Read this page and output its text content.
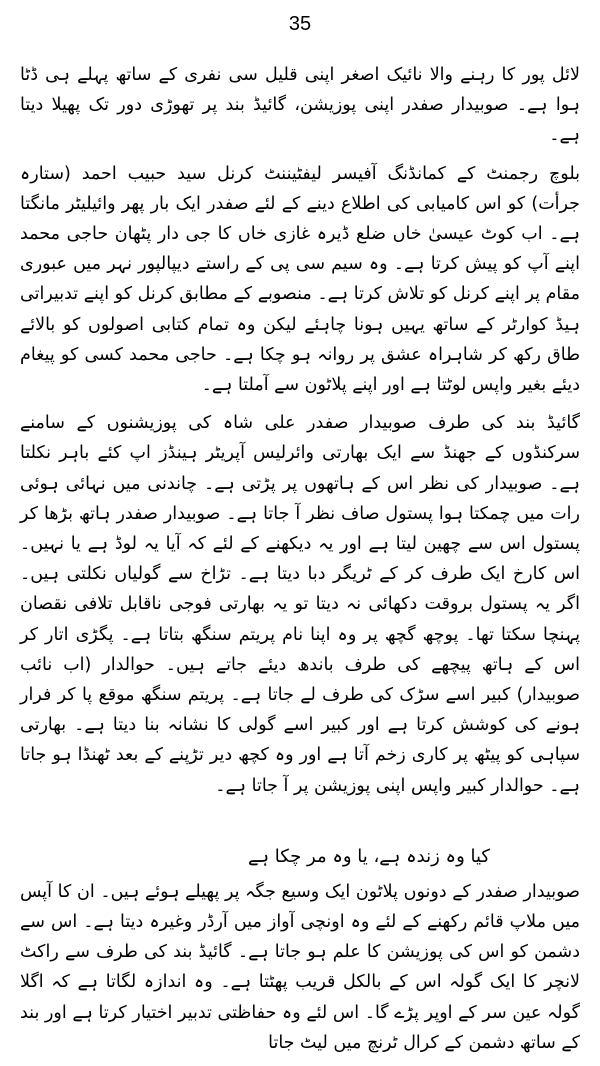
35

لائل پور کا رہنے والا نائیک اصغر اپنی قلیل سی نفری کے ساتھ پہلے ہی ڈٹا ہوا ہے۔ صوبیدار صفدر اپنی پوزیشن، گائیڈ بند پر تھوڑی دور تک پھیلا دیتا ہے۔

بلوچ رجمنٹ کے کمانڈنگ آفیسر لیفٹیننٹ کرنل سید حبیب احمد (ستارہ جرأت) کو اس کامیابی کی اطلاع دینے کے لئے صفدر ایک بار پھر وائیلیٹر مانگتا ہے۔ اب کوٹ عیسیٰ خاں ضلع ڈیرہ غازی خاں کا جی دار پٹھان حاجی محمد اپنے آپ کو پیش کرتا ہے۔ وہ سیم سی پی کے راستے دیپالپور نہر میں عبوری مقام پر اپنے کرنل کو تلاش کرتا ہے۔ منصوبے کے مطابق کرنل کو اپنے تدبیراتی ہیڈ کوارٹر کے ساتھ یہیں ہونا چاہئے لیکن وہ تمام کتابی اصولوں کو بالائے طاق رکھ کر شاہراہ عشق پر روانہ ہو چکا ہے۔ حاجی محمد کسی کو پیغام دیئے بغیر واپس لوٹتا ہے اور اپنے پلاٹون سے آملتا ہے۔

گائیڈ بند کی طرف صوبیدار صفدر علی شاہ کی پوزیشنوں کے سامنے سرکنڈوں کے جھنڈ سے ایک بھارتی وائرلیس آپریٹر ہینڈز اپ کئے باہر نکلتا ہے۔ صوبیدار کی نظر اس کے ہاتھوں پر پڑتی ہے۔ چاندنی میں نہائی ہوئی رات میں چمکتا ہوا پستول صاف نظر آ جاتا ہے۔ صوبیدار صفدر ہاتھ بڑھا کر پستول اس سے چھین لیتا ہے اور یہ دیکھنے کے لئے کہ آیا یہ لوڈ ہے یا نہیں۔ اس کارخ ایک طرف کر کے ٹریگر دبا دیتا ہے۔ تڑاخ سے گولیاں نکلتی ہیں۔ اگر یہ پستول بروقت دکھائی نہ دیتا تو یہ بھارتی فوجی ناقابل تلافی نقصان پہنچا سکتا تھا۔ پوچھ گچھ پر وہ اپنا نام پریتم سنگھ بتاتا ہے۔ پگڑی اتار کر اس کے ہاتھ پیچھے کی طرف باندھ دیئے جاتے ہیں۔ حوالدار (اب نائب صوبیدار) کبیر اسے سڑک کی طرف لے جاتا ہے۔ پریتم سنگھ موقع پا کر فرار ہونے کی کوشش کرتا ہے اور کبیر اسے گولی کا نشانہ بنا دیتا ہے۔ بھارتی سپاہی کو پیٹھ پر کاری زخم آتا ہے اور وہ کچھ دیر تڑپنے کے بعد ٹھنڈا ہو جاتا ہے۔ حوالدار کبیر واپس اپنی پوزیشن پر آ جاتا ہے۔

کیا وہ زندہ ہے، یا وہ مر چکا ہے

صوبیدار صفدر کے دونوں پلاٹون ایک وسیع جگہ پر پھیلے ہوئے ہیں۔ ان کا آپس میں ملاپ قائم رکھنے کے لئے وہ اونچی آواز میں آرڈر وغیرہ دیتا ہے۔ اس سے دشمن کو اس کی پوزیشن کا علم ہو جاتا ہے۔ گائیڈ بند کی طرف سے راکٹ لانچر کا ایک گولہ اس کے بالکل قریب پھٹتا ہے۔ وہ اندازہ لگاتا ہے کہ اگلا گولہ عین سر کے اوپر پڑے گا۔ اس لئے وہ حفاظتی تدبیر اختیار کرتا ہے اور بند کے ساتھ دشمن کے کرال ٹرنچ میں لیٹ جاتا
